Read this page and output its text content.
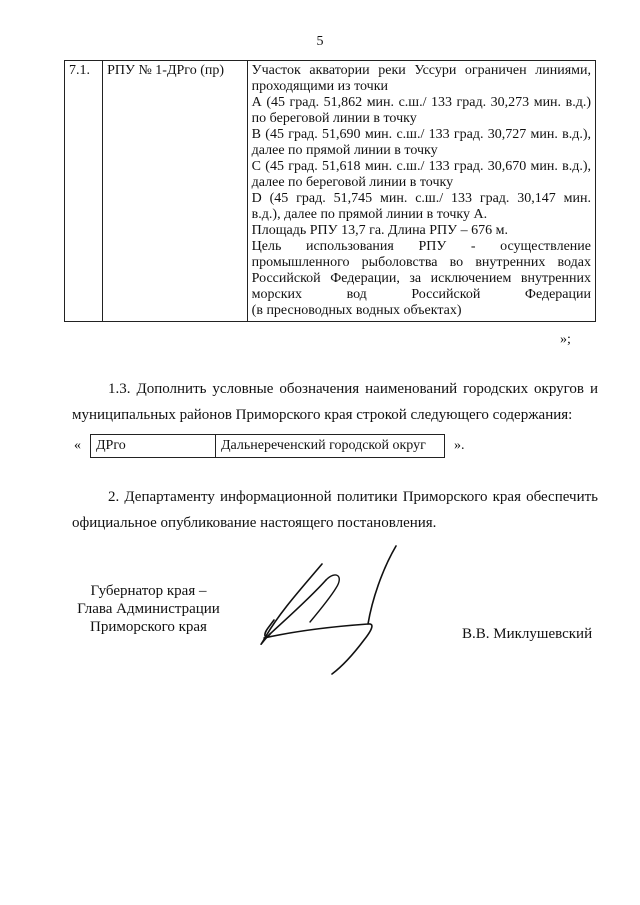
5
7.1.	РПУ № 1-ДРго (пр)	Участок акватории реки Уссури ограничен линиями,
проходящими из точки
А (45 град. 51,862 мин. с.ш./ 133 град. 30,273 мин. в.д.)
по береговой линии в точку
В (45 град. 51,690 мин. с.ш./ 133 град. 30,727 мин. в.д.),
далее по прямой линии в точку
С (45 град. 51,618 мин. с.ш./ 133 град. 30,670 мин. в.д.),
далее по береговой линии в точку
D (45 град. 51,745 мин. с.ш./ 133 град. 30,147 мин.
в.д.), далее по прямой линии в точку А.
Площадь РПУ 13,7 га. Длина РПУ – 676 м.
Цель использования РПУ - осуществление
промышленного рыболовства во внутренних водах
Российской Федерации, за исключением внутренних
морских вод Российской Федерации
(в пресноводных водных объектах)
»;
1.3. Дополнить условные обозначения наименований городских округов и муниципальных районов Приморского края строкой следующего содержания:
«	ДРго	Дальнереченский городской округ	».
2. Департаменту информационной политики Приморского края обеспечить официальное опубликование настоящего постановления.
Губернатор края –
Глава Администрации
Приморского края	В.В. Миклушевский
